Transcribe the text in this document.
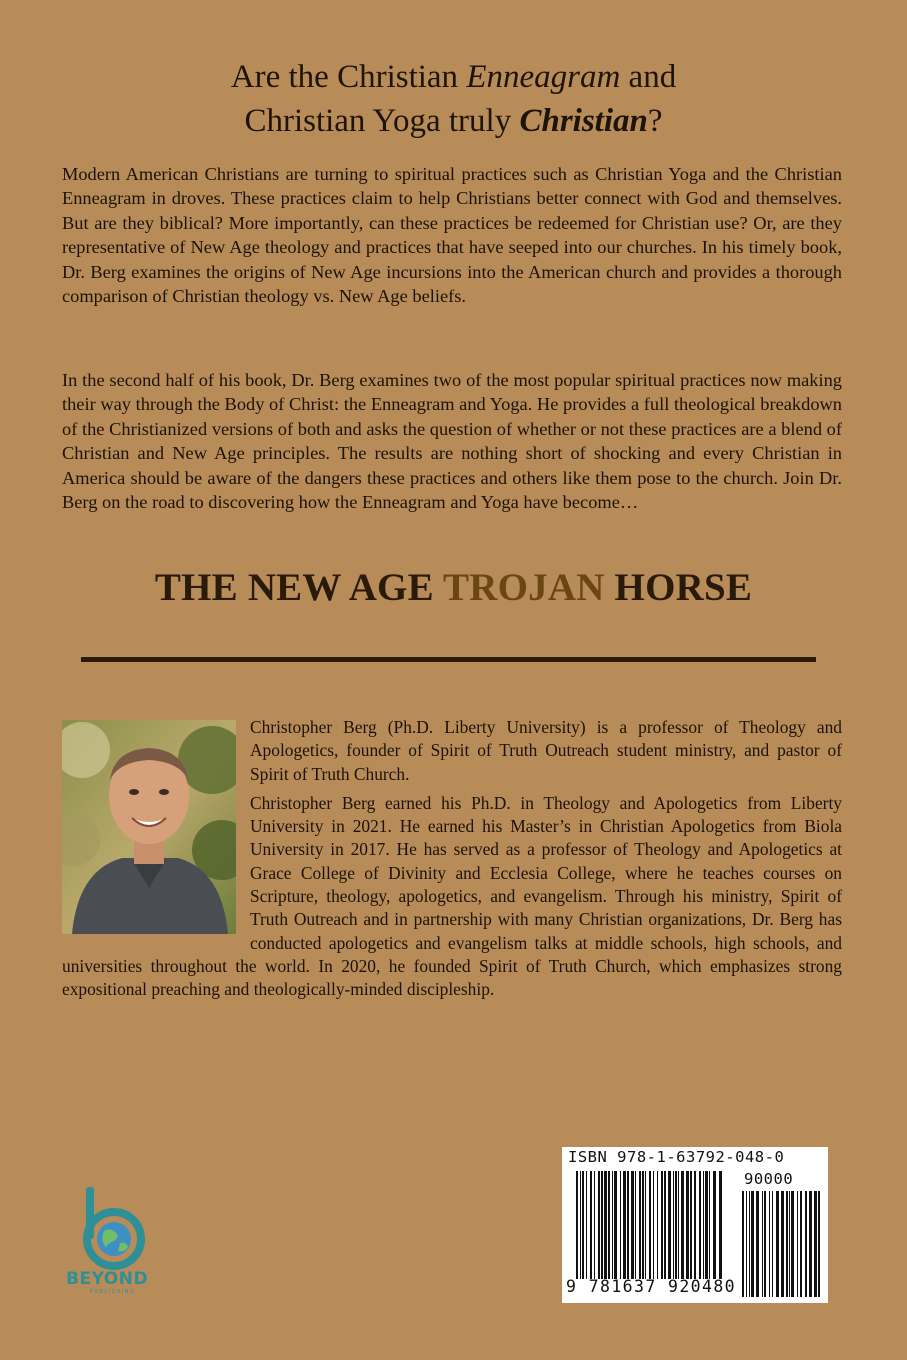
Are the Christian Enneagram and
Christian Yoga truly Christian?

Modern American Christians are turning to spiritual practices such as Christian Yoga and the Christian Enneagram in droves. These practices claim to help Christians better connect with God and themselves. But are they biblical? More importantly, can these practices be redeemed for Christian use? Or, are they representative of New Age theology and practices that have seeped into our churches. In his timely book, Dr. Berg examines the origins of New Age incursions into the American church and provides a thorough comparison of Christian theology vs. New Age beliefs.

In the second half of his book, Dr. Berg examines two of the most popular spiritual practices now making their way through the Body of Christ: the Enneagram and Yoga. He provides a full theological breakdown of the Christianized versions of both and asks the question of whether or not these practices are a blend of Christian and New Age principles. The results are nothing short of shocking and every Christian in America should be aware of the dangers these practices and others like them pose to the church. Join Dr. Berg on the road to discovering how the Enneagram and Yoga have become…

THE NEW AGE TROJAN HORSE

Christopher Berg (Ph.D. Liberty University) is a professor of Theology and Apologetics, founder of Spirit of Truth Outreach student ministry, and pastor of Spirit of Truth Church.

Christopher Berg earned his Ph.D. in Theology and Apologetics from Liberty University in 2021. He earned his Master’s in Christian Apologetics from Biola University in 2017. He has served as a professor of Theology and Apologetics at Grace College of Divinity and Ecclesia College, where he teaches courses on Scripture, theology, apologetics, and evangelism. Through his ministry, Spirit of Truth Outreach and in partnership with many Christian organizations, Dr. Berg has conducted apologetics and evangelism talks at middle schools, high schools, and universities throughout the world. In 2020, he founded Spirit of Truth Church, which emphasizes strong expositional preaching and theologically-minded discipleship.

BEYOND
PUBLISHING
ISBN 978-1-63792-048-0
90000
9 781637 920480
